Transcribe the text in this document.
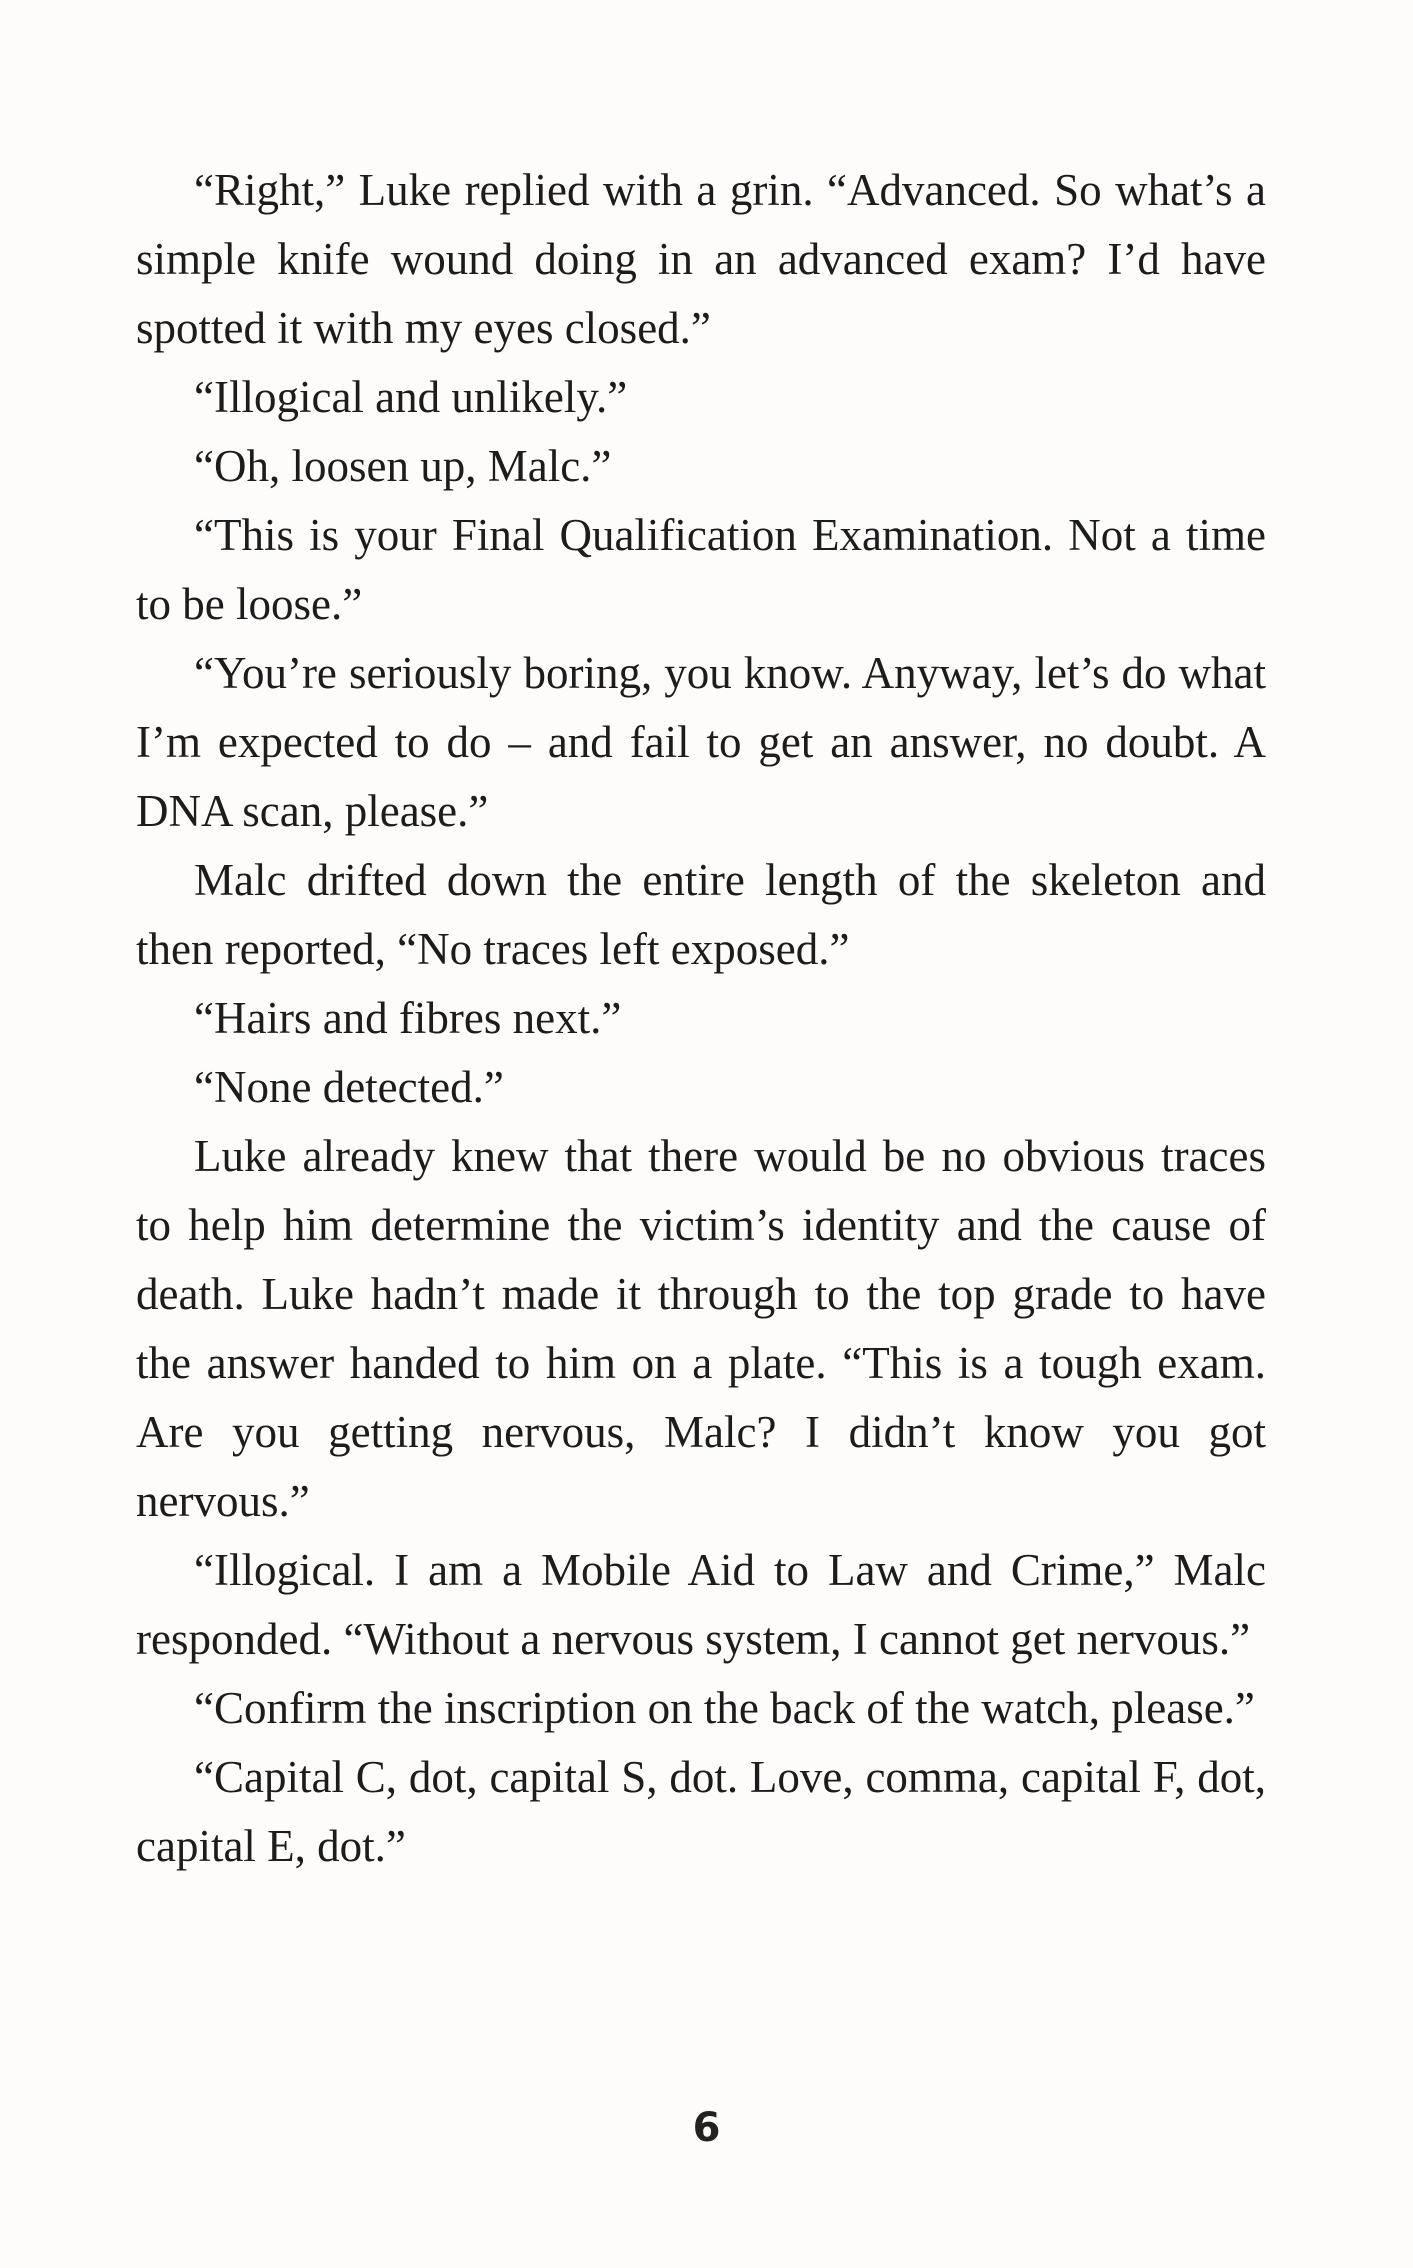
“Right,” Luke replied with a grin. “Advanced. So what’s a simple knife wound doing in an advanced exam? I’d have spotted it with my eyes closed.”

“Illogical and unlikely.”

“Oh, loosen up, Malc.”

“This is your Final Qualification Examination. Not a time to be loose.”

“You’re seriously boring, you know. Anyway, let’s do what I’m expected to do – and fail to get an answer, no doubt. A DNA scan, please.”

Malc drifted down the entire length of the skeleton and then reported, “No traces left exposed.”

“Hairs and fibres next.”

“None detected.”

Luke already knew that there would be no obvious traces to help him determine the victim’s identity and the cause of death. Luke hadn’t made it through to the top grade to have the answer handed to him on a plate. “This is a tough exam. Are you getting nervous, Malc? I didn’t know you got nervous.”

“Illogical. I am a Mobile Aid to Law and Crime,” Malc responded. “Without a nervous system, I cannot get nervous.”

“Confirm the inscription on the back of the watch, please.”

“Capital C, dot, capital S, dot. Love, comma, capital F, dot, capital E, dot.”

6
